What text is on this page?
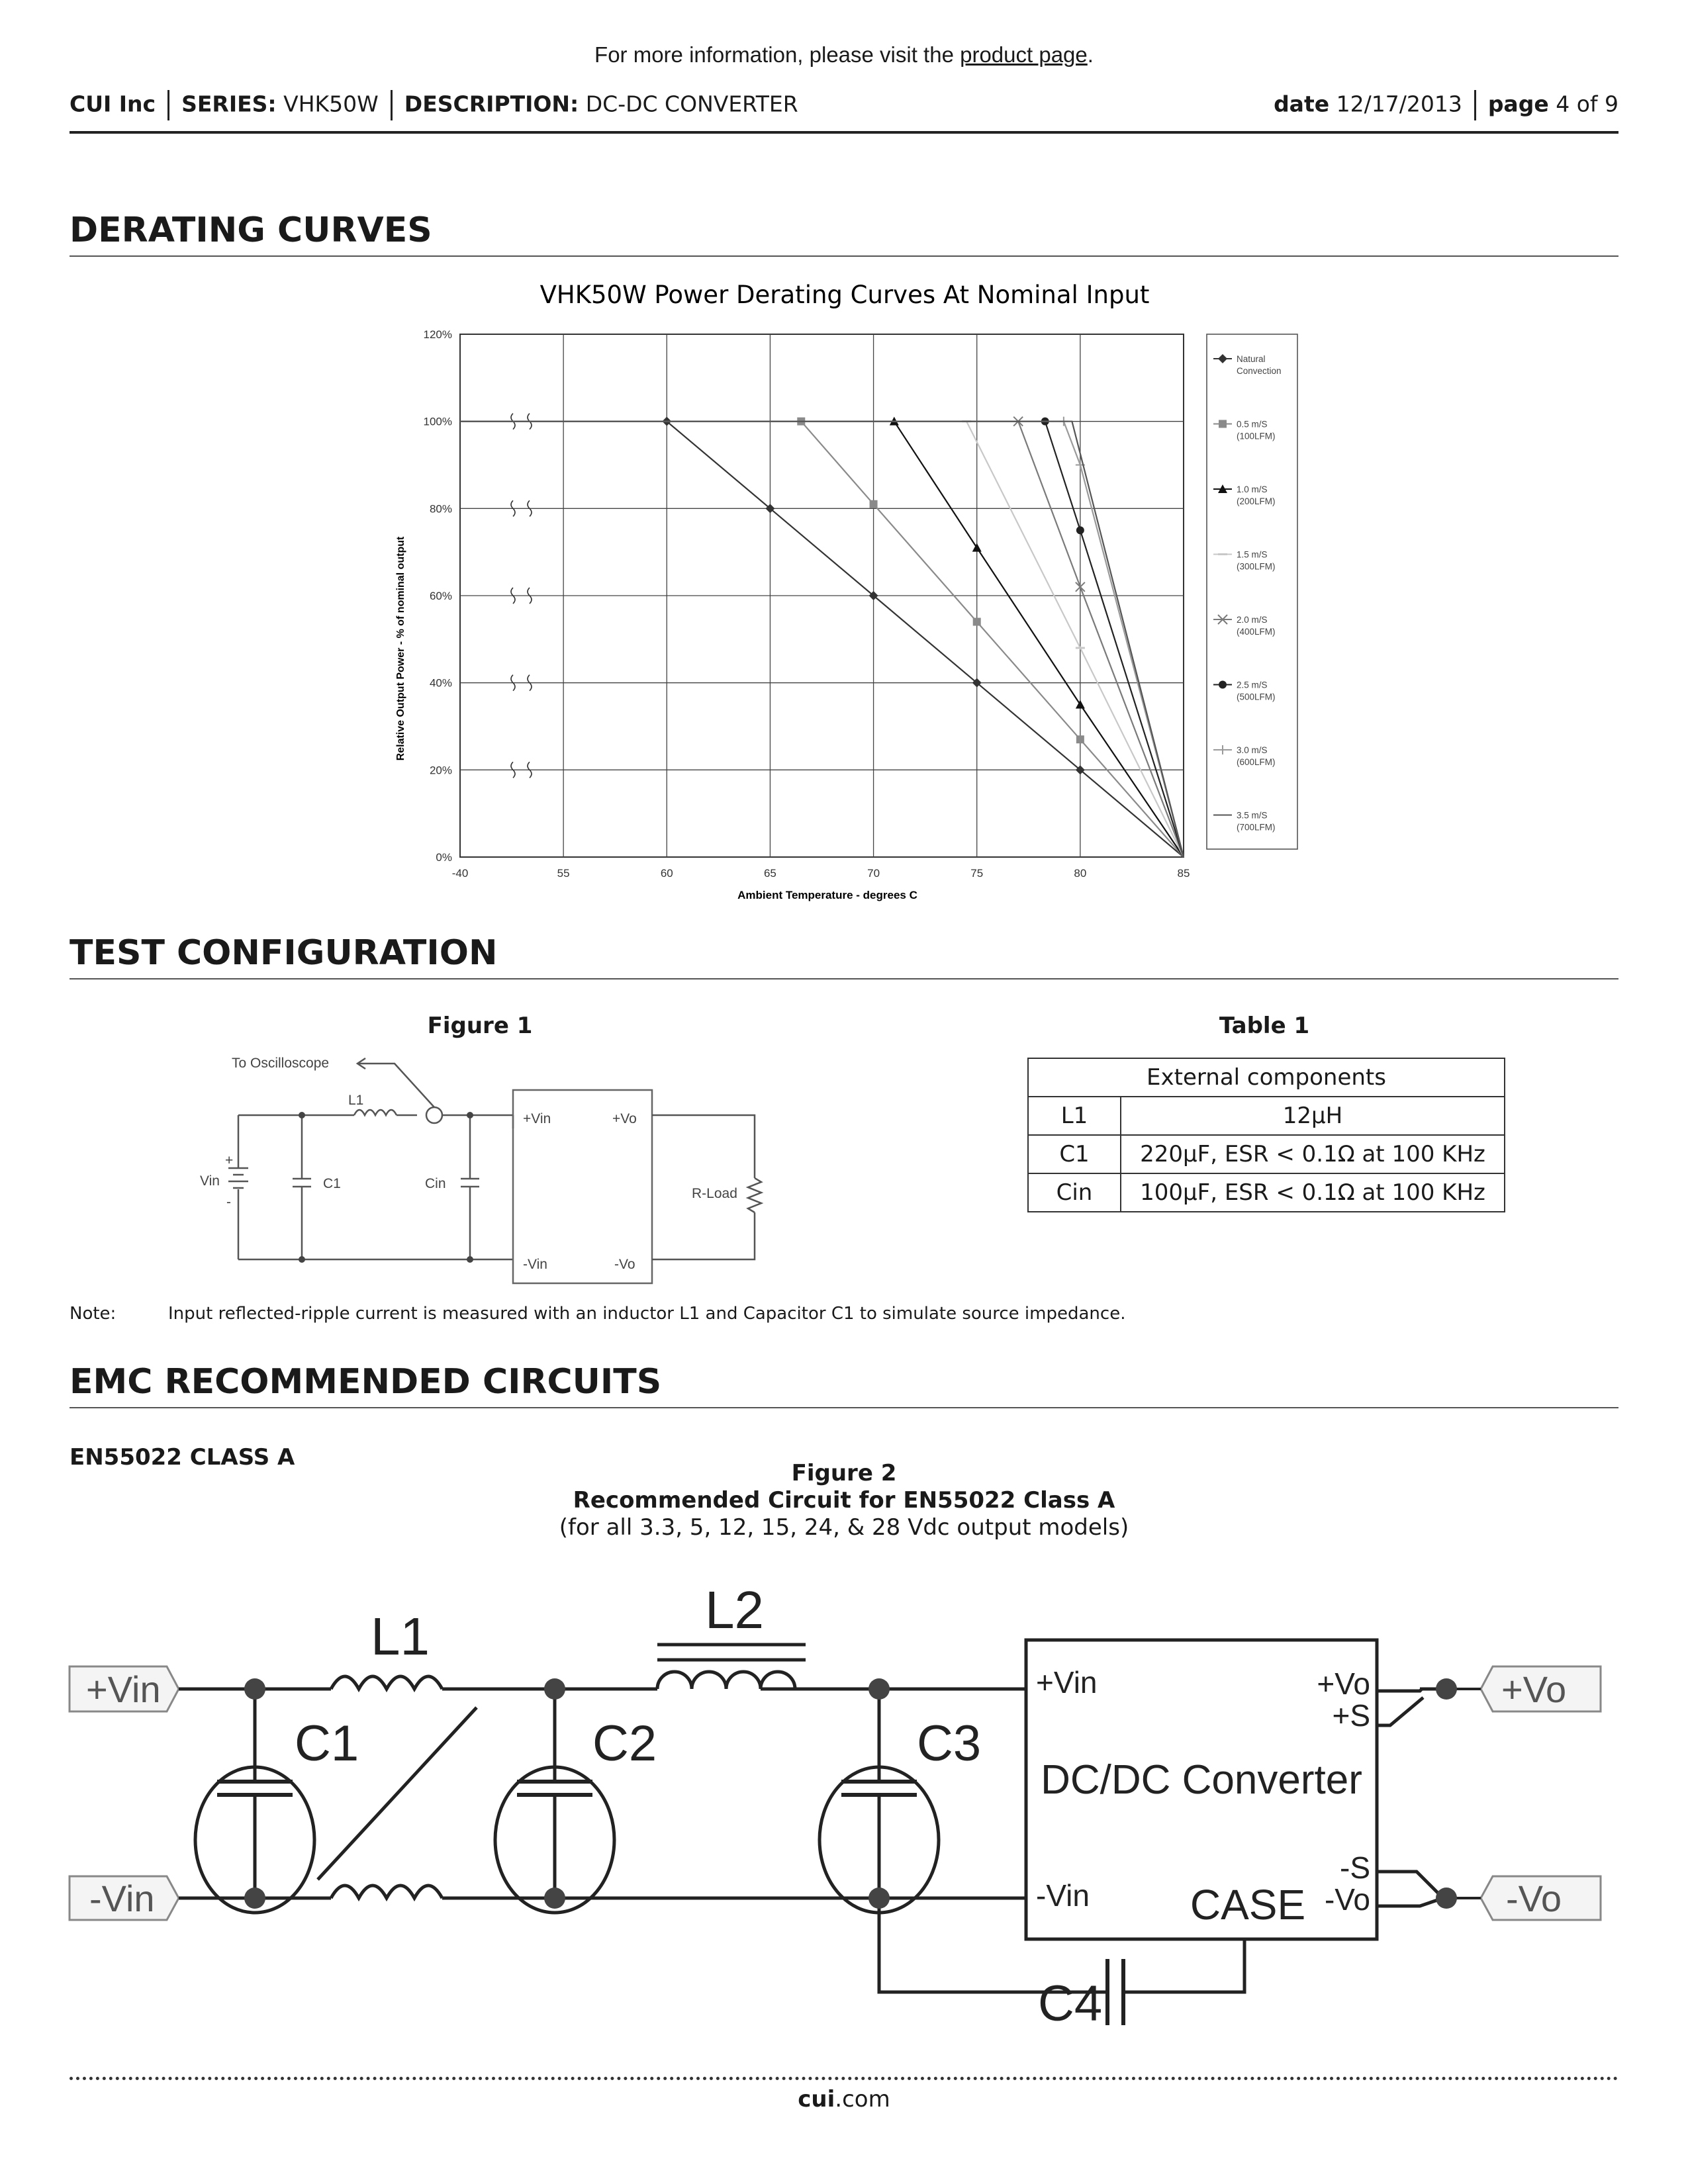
For more information, please visit the product page.
CUI Inc SERIES: VHK50W DESCRIPTION: DC-DC CONVERTER	date 12/17/2013 page 4 of 9
DERATING CURVES
VHK50W Power Derating Curves At Nominal Input
0%
20%
40%
60%
80%
100%
120%
-40	55	60	65	70	75	80	85
Relative Output Power - % of nominal output
Ambient Temperature - degrees C
Natural
Convection
0.5 m/S
(100LFM)
1.0 m/S
(200LFM)
1.5 m/S
(300LFM)
2.0 m/S
(400LFM)
2.5 m/S
(500LFM)
3.0 m/S
(600LFM)
3.5 m/S
(700LFM)
TEST CONFIGURATION
Figure 1	Table 1
To Oscilloscope
L1
+
Vin
-
C1	Cin
+Vin	+Vo
-Vin	-Vo
R-Load
External components	
L1	12µH
C1	220µF, ESR < 0.1Ω at 100 KHz
Cin	100µF, ESR < 0.1Ω at 100 KHz
Note:	Input reflected-ripple current is measured with an inductor L1 and Capacitor C1 to simulate source impedance.
EMC RECOMMENDED CIRCUITS
EN55022 CLASS A
Figure 2
Recommended Circuit for EN55022 Class A
(for all 3.3, 5, 12, 15, 24, & 28 Vdc output models)
+Vin
-Vin
L1	L2
C1	C2	C3
C4
+Vin
-Vin
+Vo
+S
-S
-Vo
DC/DC Converter
CASE
+Vo
-Vo
cui.com
